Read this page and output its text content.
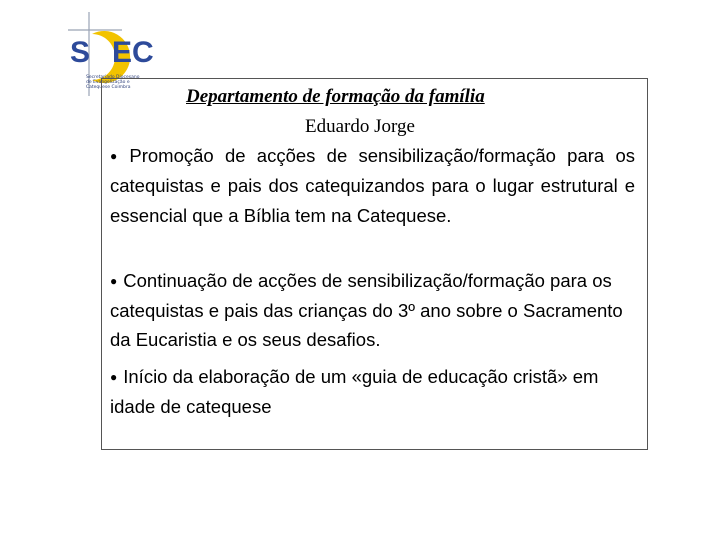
S EC
Secretariado Diocesano de Evangelização e Catequese Coimbra	Departamento de formação da família
Eduardo Jorge

● Promoção de acções de sensibilização/formação para os catequistas e pais dos catequizandos para o lugar estrutural e essencial que a Bíblia tem na Catequese.

● Continuação de acções de sensibilização/formação para os catequistas e pais das crianças do 3º ano sobre o Sacramento da Eucaristia e os seus desafios.

● Início da elaboração de um «guia de educação cristã» em idade de catequese
